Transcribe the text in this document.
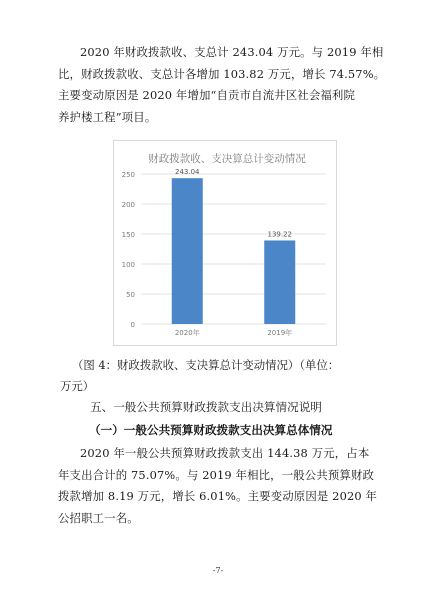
2020 年财政拨款收、支总计 243.04 万元。与 2019 年相
比，财政拨款收、支总计各增加 103.82 万元，增长 74.57%。
主要变动原因是 2020 年增加“自贡市自流井区社会福利院
养护楼工程”项目。

财政拨款收、支决算总计变动情况
0
50
100
150
200
250	243.04
2020年
139.22
2019年
（图 4：财政拨款收、支决算总计变动情况）（单位：
万元）
五、一般公共预算财政拨款支出决算情况说明
（一）一般公共预算财政拨款支出决算总体情况

2020 年一般公共预算财政拨款支出 144.38 万元，占本
年支出合计的 75.07%。与 2019 年相比，一般公共预算财政
拨款增加 8.19 万元，增长 6.01%。主要变动原因是 2020 年
公招职工一名。

-7-
